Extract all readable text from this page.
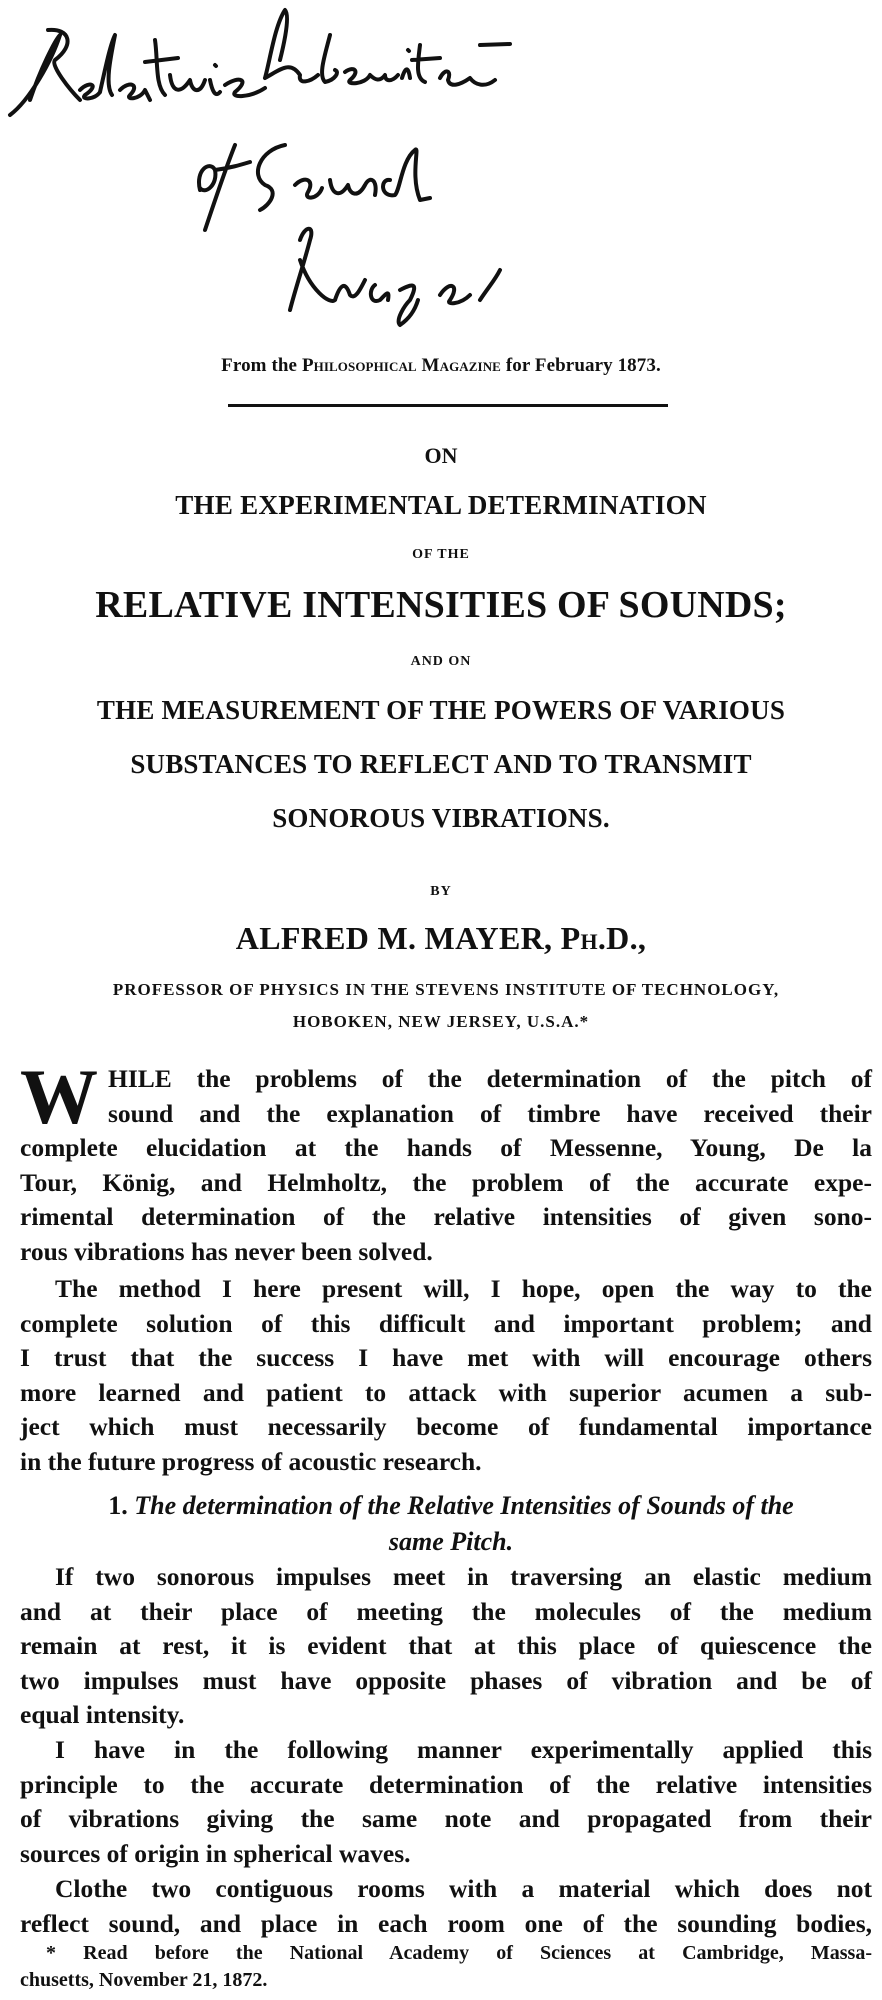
From the Philosophical Magazine for February 1873.
ON
THE EXPERIMENTAL DETERMINATION
OF THE
RELATIVE INTENSITIES OF SOUNDS;
AND ON
THE MEASUREMENT OF THE POWERS OF VARIOUS
SUBSTANCES TO REFLECT AND TO TRANSMIT
SONOROUS VIBRATIONS.
BY
ALFRED M. MAYER, Ph.D.,
PROFESSOR OF PHYSICS IN THE STEVENS INSTITUTE OF TECHNOLOGY,
HOBOKEN, NEW JERSEY, U.S.A.*
W HILE the problems of the determination of the pitch of
sound and the explanation of timbre have received their
complete elucidation at the hands of Messenne, Young, De la
Tour, König, and Helmholtz, the problem of the accurate expe-
rimental determination of the relative intensities of given sono-
rous vibrations has never been solved.
The method I here present will, I hope, open the way to the
complete solution of this difficult and important problem; and
I trust that the success I have met with will encourage others
more learned and patient to attack with superior acumen a sub-
ject which must necessarily become of fundamental importance
in the future progress of acoustic research.
1. The determination of the Relative Intensities of Sounds of the
same Pitch.
If two sonorous impulses meet in traversing an elastic medium
and at their place of meeting the molecules of the medium
remain at rest, it is evident that at this place of quiescence the
two impulses must have opposite phases of vibration and be of
equal intensity.
I have in the following manner experimentally applied this
principle to the accurate determination of the relative intensities
of vibrations giving the same note and propagated from their
sources of origin in spherical waves.
Clothe two contiguous rooms with a material which does not
reflect sound, and place in each room one of the sounding bodies,
* Read before the National Academy of Sciences at Cambridge, Massa-
chusetts, November 21, 1872.
